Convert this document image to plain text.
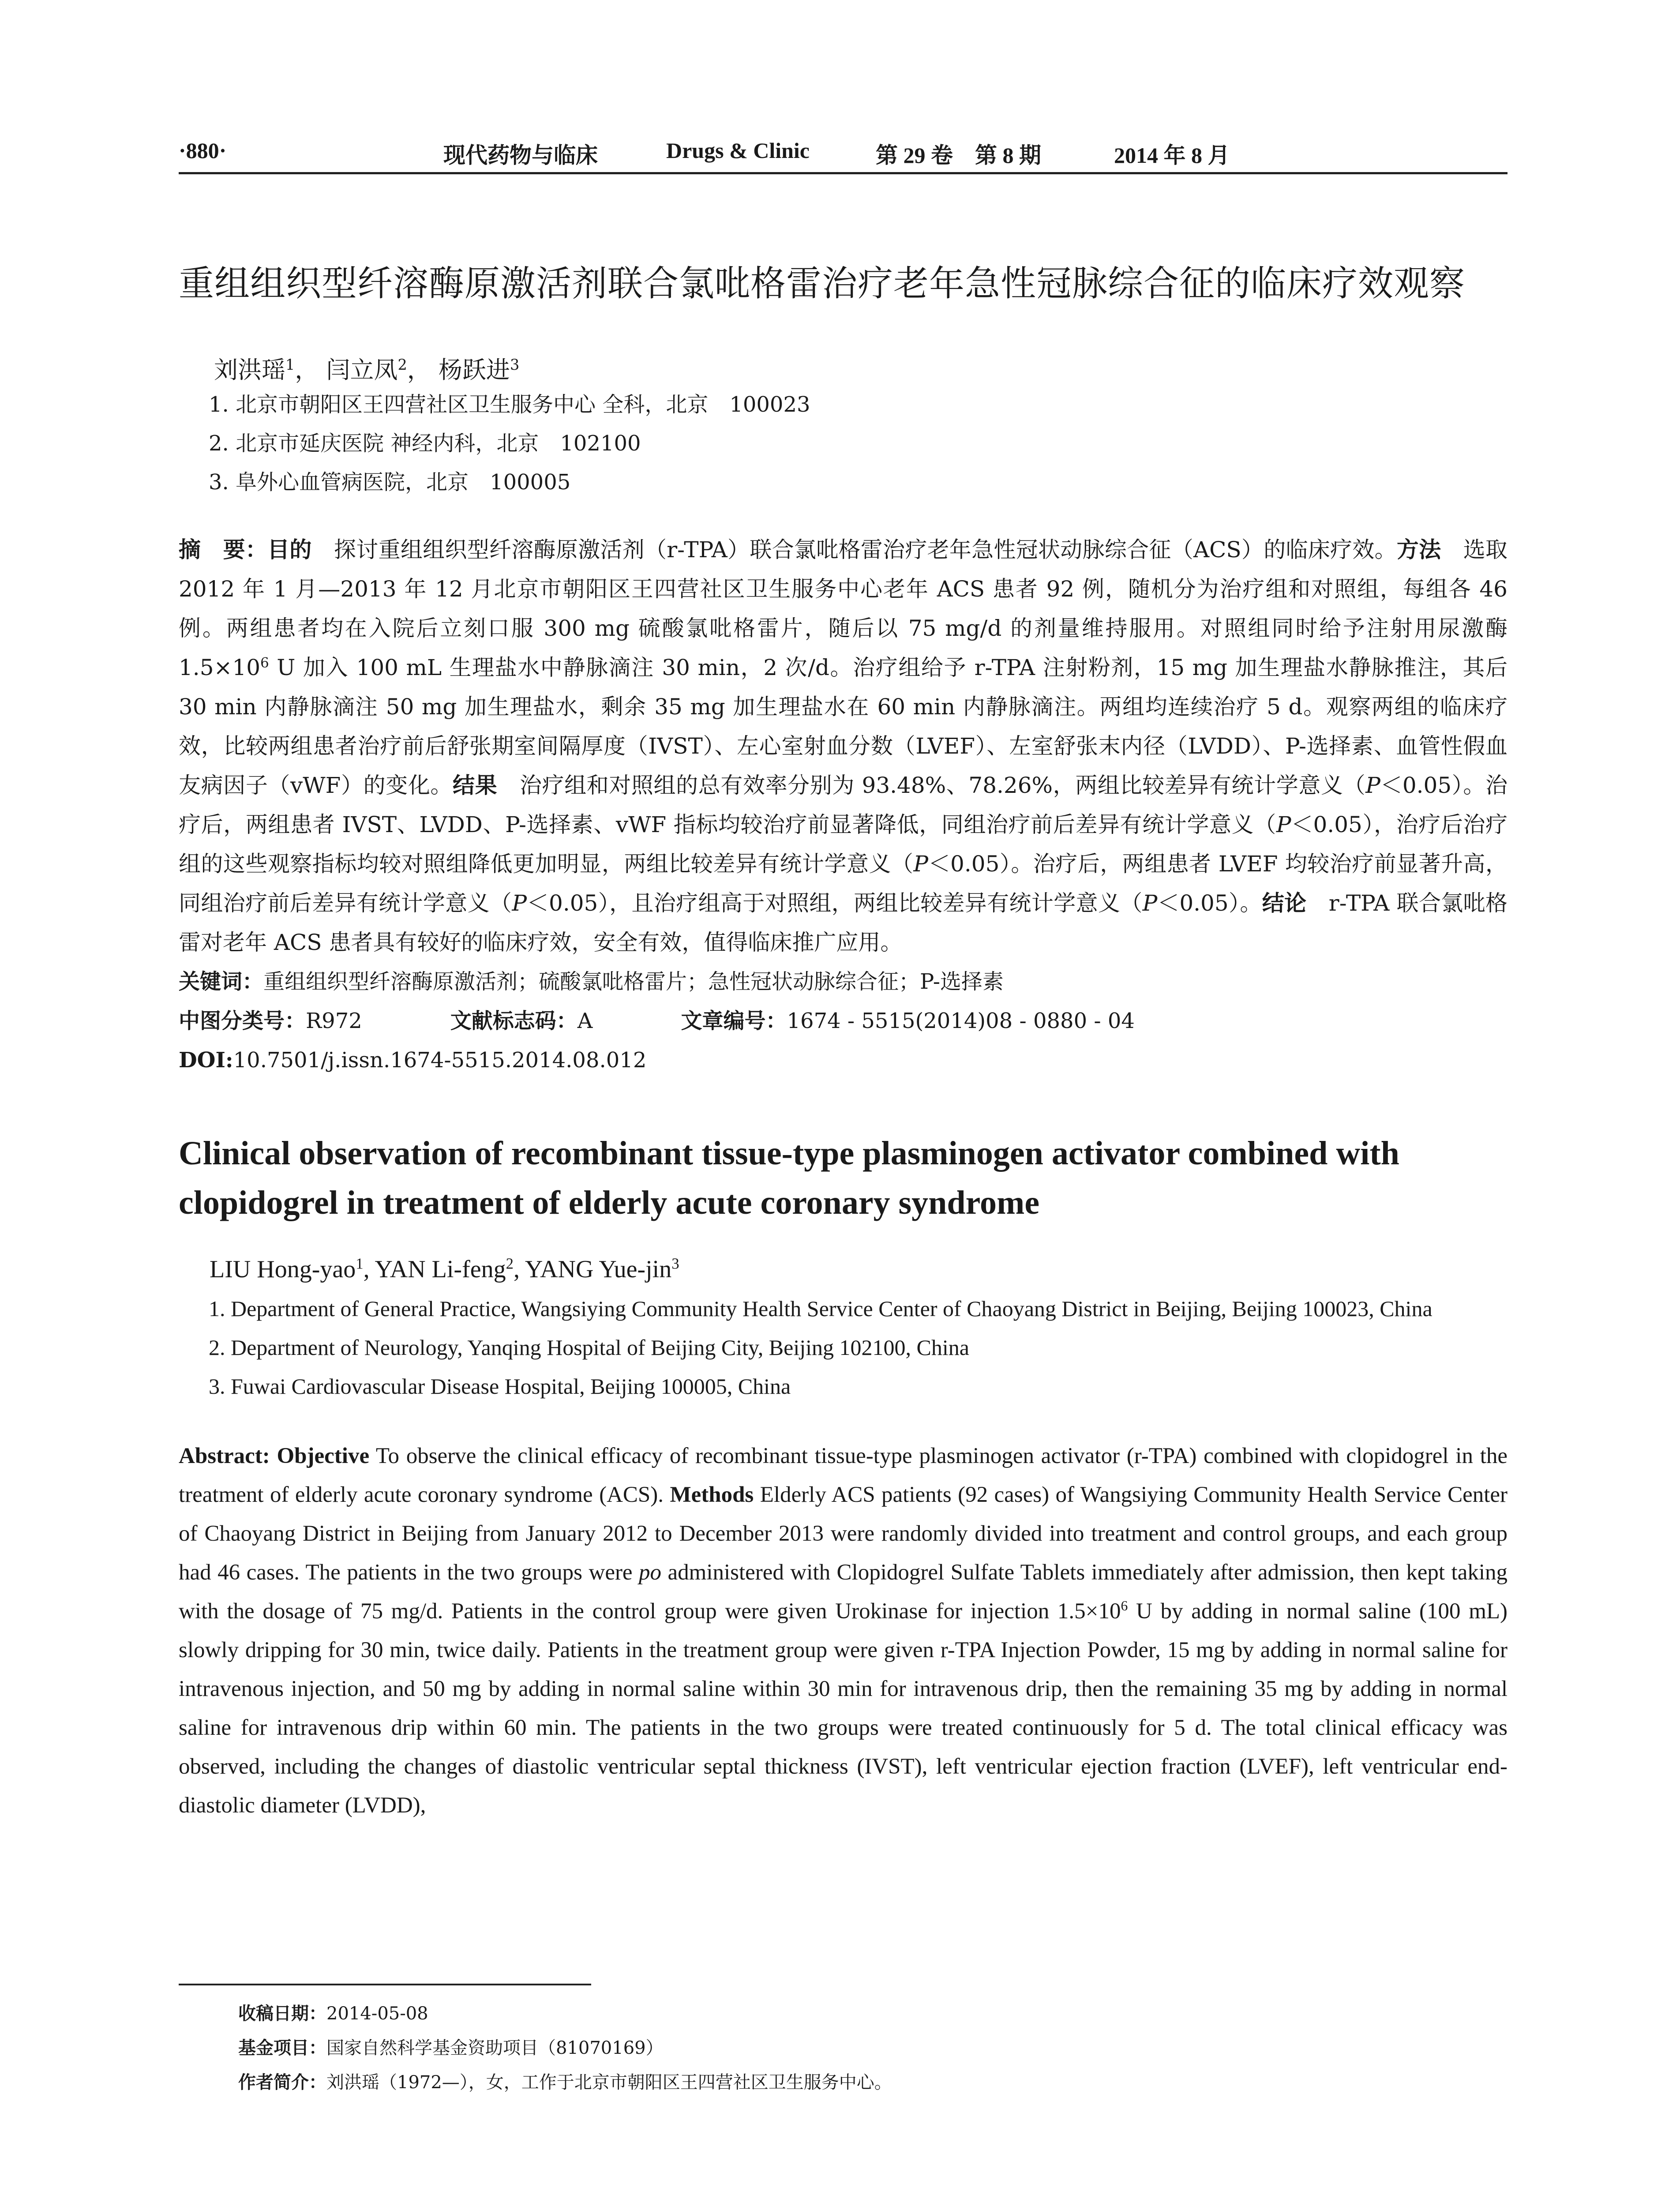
·880·	现代药物与临床	Drugs & Clinic	第 29 卷　第 8 期	2014 年 8 月
重组组织型纤溶酶原激活剂联合氯吡格雷治疗老年急性冠脉综合征的临床疗效观察
刘洪瑶$^1$， 闫立凤$^2$， 杨跃进$^3$
1. 北京市朝阳区王四营社区卫生服务中心 全科，北京　100023
2. 北京市延庆医院 神经内科，北京　102100
3. 阜外心血管病医院，北京　100005

摘　要：目的　探讨重组组织型纤溶酶原激活剂（r-TPA）联合氯吡格雷治疗老年急性冠状动脉综合征（ACS）的临床疗效。方法　选取 2012 年 1 月—2013 年 12 月北京市朝阳区王四营社区卫生服务中心老年 ACS 患者 92 例，随机分为治疗组和对照组，每组各 46 例。两组患者均在入院后立刻口服 300 mg 硫酸氯吡格雷片，随后以 75 mg/d 的剂量维持服用。对照组同时给予注射用尿激酶 $1.5\times 10^6$ U 加入 100 mL 生理盐水中静脉滴注 30 min，2 次/d。治疗组给予 r-TPA 注射粉剂，15 mg 加生理盐水静脉推注，其后 30 min 内静脉滴注 50 mg 加生理盐水，剩余 35 mg 加生理盐水在 60 min 内静脉滴注。两组均连续治疗 5 d。观察两组的临床疗效，比较两组患者治疗前后舒张期室间隔厚度（IVST）、左心室射血分数（LVEF）、左室舒张末内径（LVDD）、P-选择素、血管性假血友病因子（vWF）的变化。结果　治疗组和对照组的总有效率分别为 93.48%、78.26%，两组比较差异有统计学意义（P＜0.05）。治疗后，两组患者 IVST、LVDD、P-选择素、vWF 指标均较治疗前显著降低，同组治疗前后差异有统计学意义（P＜0.05），治疗后治疗组的这些观察指标均较对照组降低更加明显，两组比较差异有统计学意义（P＜0.05）。治疗后，两组患者 LVEF 均较治疗前显著升高，同组治疗前后差异有统计学意义（P＜0.05），且治疗组高于对照组，两组比较差异有统计学意义（P＜0.05）。结论　r-TPA 联合氯吡格雷对老年 ACS 患者具有较好的临床疗效，安全有效，值得临床推广应用。

关键词：重组组织型纤溶酶原激活剂；硫酸氯吡格雷片；急性冠状动脉综合征；P-选择素
中图分类号：R972	文献标志码：A	文章编号：1674 - 5515(2014)08 - 0880 - 04
DOI:10.7501/j.issn.1674-5515.2014.08.012
Clinical observation of recombinant tissue-type plasminogen activator combined with clopidogrel in treatment of elderly acute coronary syndrome
LIU Hong-yao$^1$, YAN Li-feng$^2$, YANG Yue-jin$^3$
1. Department of General Practice, Wangsiying Community Health Service Center of Chaoyang District in Beijing, Beijing 100023, China
2. Department of Neurology, Yanqing Hospital of Beijing City, Beijing 102100, China
3. Fuwai Cardiovascular Disease Hospital, Beijing 100005, China
Abstract: Objective To observe the clinical efficacy of recombinant tissue-type plasminogen activator (r-TPA) combined with clopidogrel in the treatment of elderly acute coronary syndrome (ACS). Methods Elderly ACS patients (92 cases) of Wangsiying Community Health Service Center of Chaoyang District in Beijing from January 2012 to December 2013 were randomly divided into treatment and control groups, and each group had 46 cases. The patients in the two groups were po administered with Clopidogrel Sulfate Tablets immediately after admission, then kept taking with the dosage of 75 mg/d. Patients in the control group were given Urokinase for injection $1.5\times 10^6$ U by adding in normal saline (100 mL) slowly dripping for 30 min, twice daily. Patients in the treatment group were given r-TPA Injection Powder, 15 mg by adding in normal saline for intravenous injection, and 50 mg by adding in normal saline within 30 min for intravenous drip, then the remaining 35 mg by adding in normal saline for intravenous drip within 60 min. The patients in the two groups were treated continuously for 5 d. The total clinical efficacy was observed, including the changes of diastolic ventricular septal thickness (IVST), left ventricular ejection fraction (LVEF), left ventricular end-diastolic diameter (LVDD),
收稿日期：2014-05-08
基金项目：国家自然科学基金资助项目（81070169）
作者简介：刘洪瑶（1972—），女，工作于北京市朝阳区王四营社区卫生服务中心。
